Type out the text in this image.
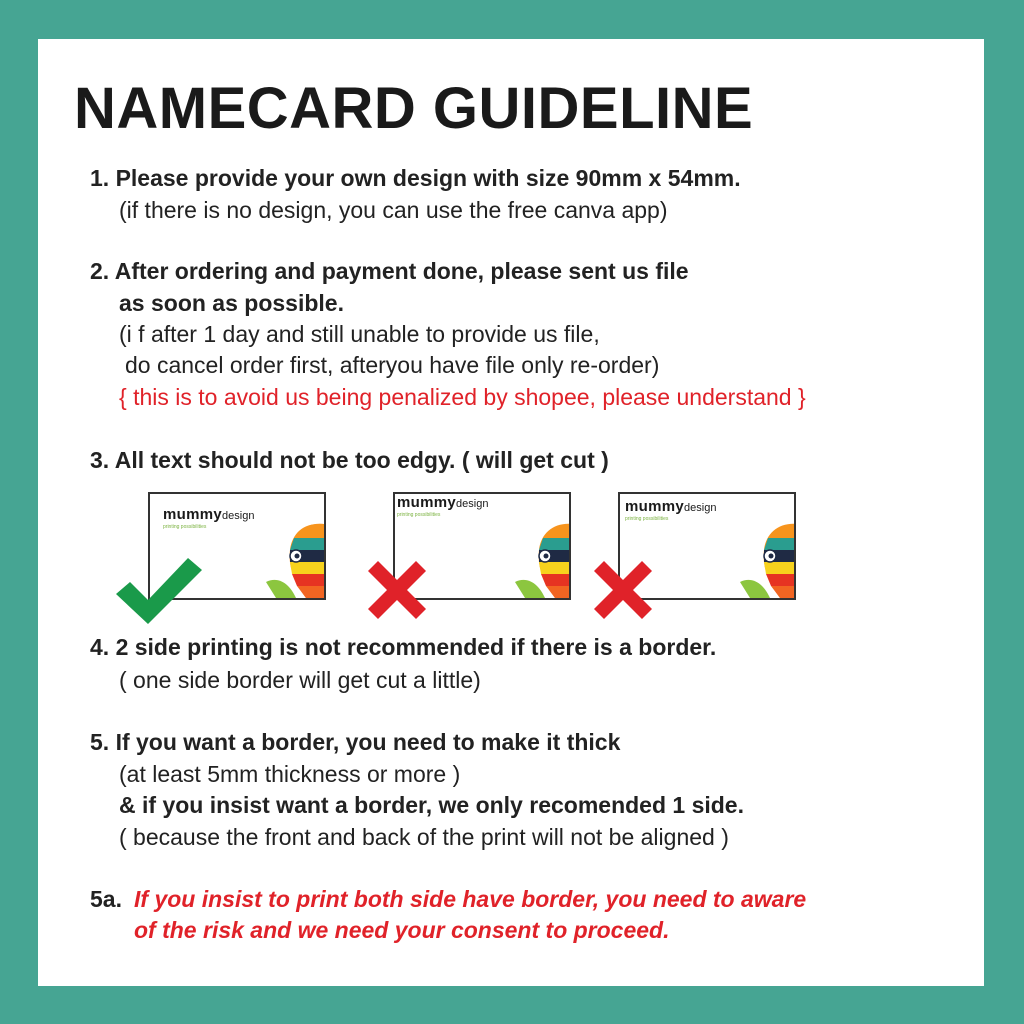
NAMECARD GUIDELINE

1. Please provide your own design with size 90mm x 54mm.

(if there is no design, you can use the free canva app)

2. After ordering and payment done, please sent us file

as soon as possible.

(i f after 1 day and still unable to provide us file,

do cancel order first, afteryou have file only re-order)

{ this is to avoid us being penalized by shopee, please understand }

3. All text should not be too edgy. ( will get cut )

mummydesign
printing possibilities
mummydesign
printing possibilities	mummydesign
printing possibilities

4. 2 side printing is not recommended if there is a border.

( one side border will get cut a little)

5. If you want a border, you need to make it thick

(at least 5mm thickness or more )

& if you insist want a border, we only recomended 1 side.

( because the front and back of the print will not be aligned )

5a. If you insist to print both side have border, you need to aware

of the risk and we need your consent to proceed.
